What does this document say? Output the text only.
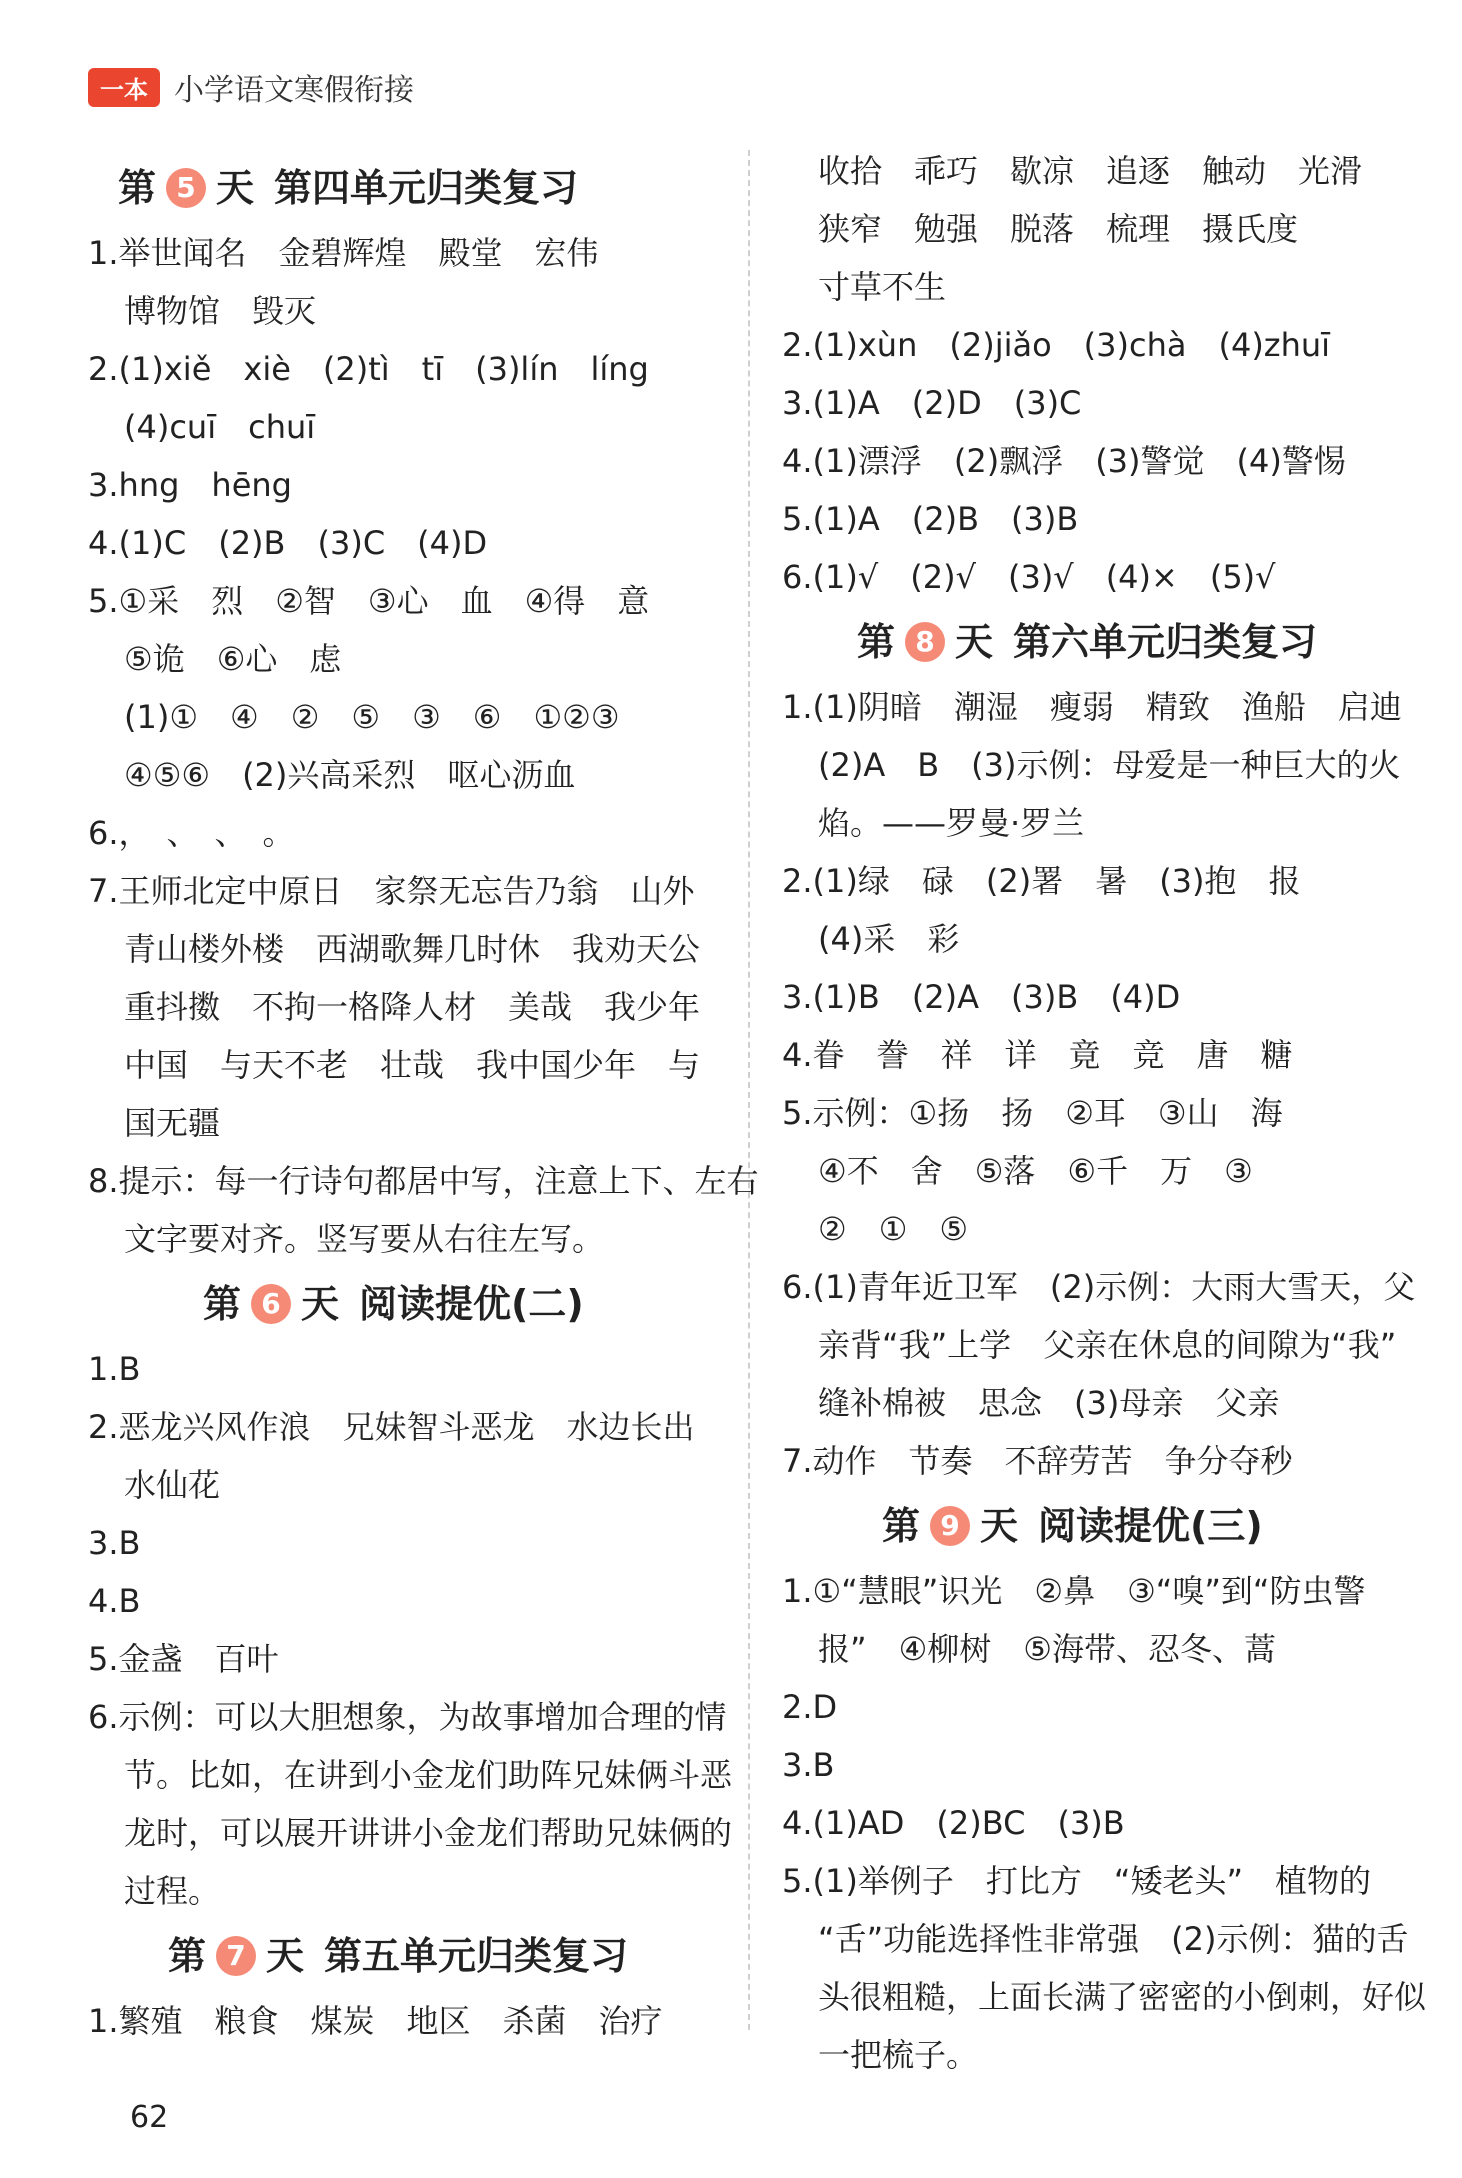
一本 小学语文寒假衔接
第 5 天 第四单元归类复习
1.举世闻名　金碧辉煌　殿堂　宏伟
博物馆　毁灭
2.(1)xiě　xiè　(2)tì　tī　(3)lín　líng
(4)cuī　chuī
3.hng　hēng
4.(1)C　(2)B　(3)C　(4)D
5.①采　烈　②智　③心　血　④得　意
⑤诡　⑥心　虑
(1)①　④　②　⑤　③　⑥　①②③
④⑤⑥　(2)兴高采烈　呕心沥血
6.，　、　、　。
7.王师北定中原日　家祭无忘告乃翁　山外
青山楼外楼　西湖歌舞几时休　我劝天公
重抖擞　不拘一格降人材　美哉　我少年
中国　与天不老　壮哉　我中国少年　与
国无疆
8.提示：每一行诗句都居中写，注意上下、左右
文字要对齐。竖写要从右往左写。
第 6 天 阅读提优(二)
1.B
2.恶龙兴风作浪　兄妹智斗恶龙　水边长出
水仙花
3.B
4.B
5.金盏　百叶
6.示例：可以大胆想象，为故事增加合理的情
节。比如，在讲到小金龙们助阵兄妹俩斗恶
龙时，可以展开讲讲小金龙们帮助兄妹俩的
过程。
第 7 天 第五单元归类复习
1.繁殖　粮食　煤炭　地区　杀菌　治疗
收拾　乖巧　歇凉　追逐　触动　光滑
狭窄　勉强　脱落　梳理　摄氏度
寸草不生
2.(1)xùn　(2)jiǎo　(3)chà　(4)zhuī
3.(1)A　(2)D　(3)C
4.(1)漂浮　(2)飘浮　(3)警觉　(4)警惕
5.(1)A　(2)B　(3)B
6.(1)√　(2)√　(3)√　(4)×　(5)√
第 8 天 第六单元归类复习
1.(1)阴暗　潮湿　瘦弱　精致　渔船　启迪
(2)A　B　(3)示例：母爱是一种巨大的火
焰。——罗曼·罗兰
2.(1)绿　碌　(2)署　暑　(3)抱　报
(4)采　彩
3.(1)B　(2)A　(3)B　(4)D
4.眷　誊　祥　详　竟　竞　唐　糖
5.示例：①扬　扬　②耳　③山　海
④不　舍　⑤落　⑥千　万　③
②　①　⑤
6.(1)青年近卫军　(2)示例：大雨大雪天，父
亲背“我”上学　父亲在休息的间隙为“我”
缝补棉被　思念　(3)母亲　父亲
7.动作　节奏　不辞劳苦　争分夺秒
第 9 天 阅读提优(三)
1.①“慧眼”识光　②鼻　③“嗅”到“防虫警
报”　④柳树　⑤海带、忍冬、蒿
2.D
3.B
4.(1)AD　(2)BC　(3)B
5.(1)举例子　打比方　“矮老头”　植物的
“舌”功能选择性非常强　(2)示例：猫的舌
头很粗糙，上面长满了密密的小倒刺，好似
一把梳子。
62
